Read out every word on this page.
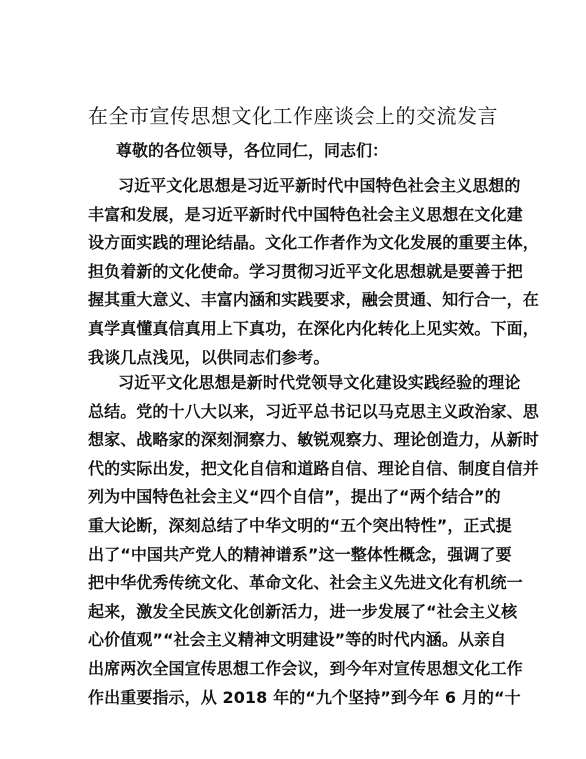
在全市宣传思想文化工作座谈会上的交流发言
尊敬的各位领导，各位同仁，同志们：
习近平文化思想是习近平新时代中国特色社会主义思想的
丰富和发展，是习近平新时代中国特色社会主义思想在文化建
设方面实践的理论结晶。文化工作者作为文化发展的重要主体，
担负着新的文化使命。学习贯彻习近平文化思想就是要善于把
握其重大意义、丰富内涵和实践要求，融会贯通、知行合一，在
真学真懂真信真用上下真功，在深化内化转化上见实效。下面，
我谈几点浅见，以供同志们参考。
习近平文化思想是新时代党领导文化建设实践经验的理论
总结。党的十八大以来，习近平总书记以马克思主义政治家、思
想家、战略家的深刻洞察力、敏锐观察力、理论创造力，从新时
代的实际出发，把文化自信和道路自信、理论自信、制度自信并
列为中国特色社会主义“四个自信”，提出了“两个结合”的
重大论断，深刻总结了中华文明的“五个突出特性”，正式提
出了“中国共产党人的精神谱系”这一整体性概念，强调了要
把中华优秀传统文化、革命文化、社会主义先进文化有机统一
起来，激发全民族文化创新活力，进一步发展了“社会主义核
心价值观”“社会主义精神文明建设”等的时代内涵。从亲自
出席两次全国宣传思想工作会议，到今年对宣传思想文化工作
作出重要指示，从 2018 年的“九个坚持”到今年 6 月的“十
